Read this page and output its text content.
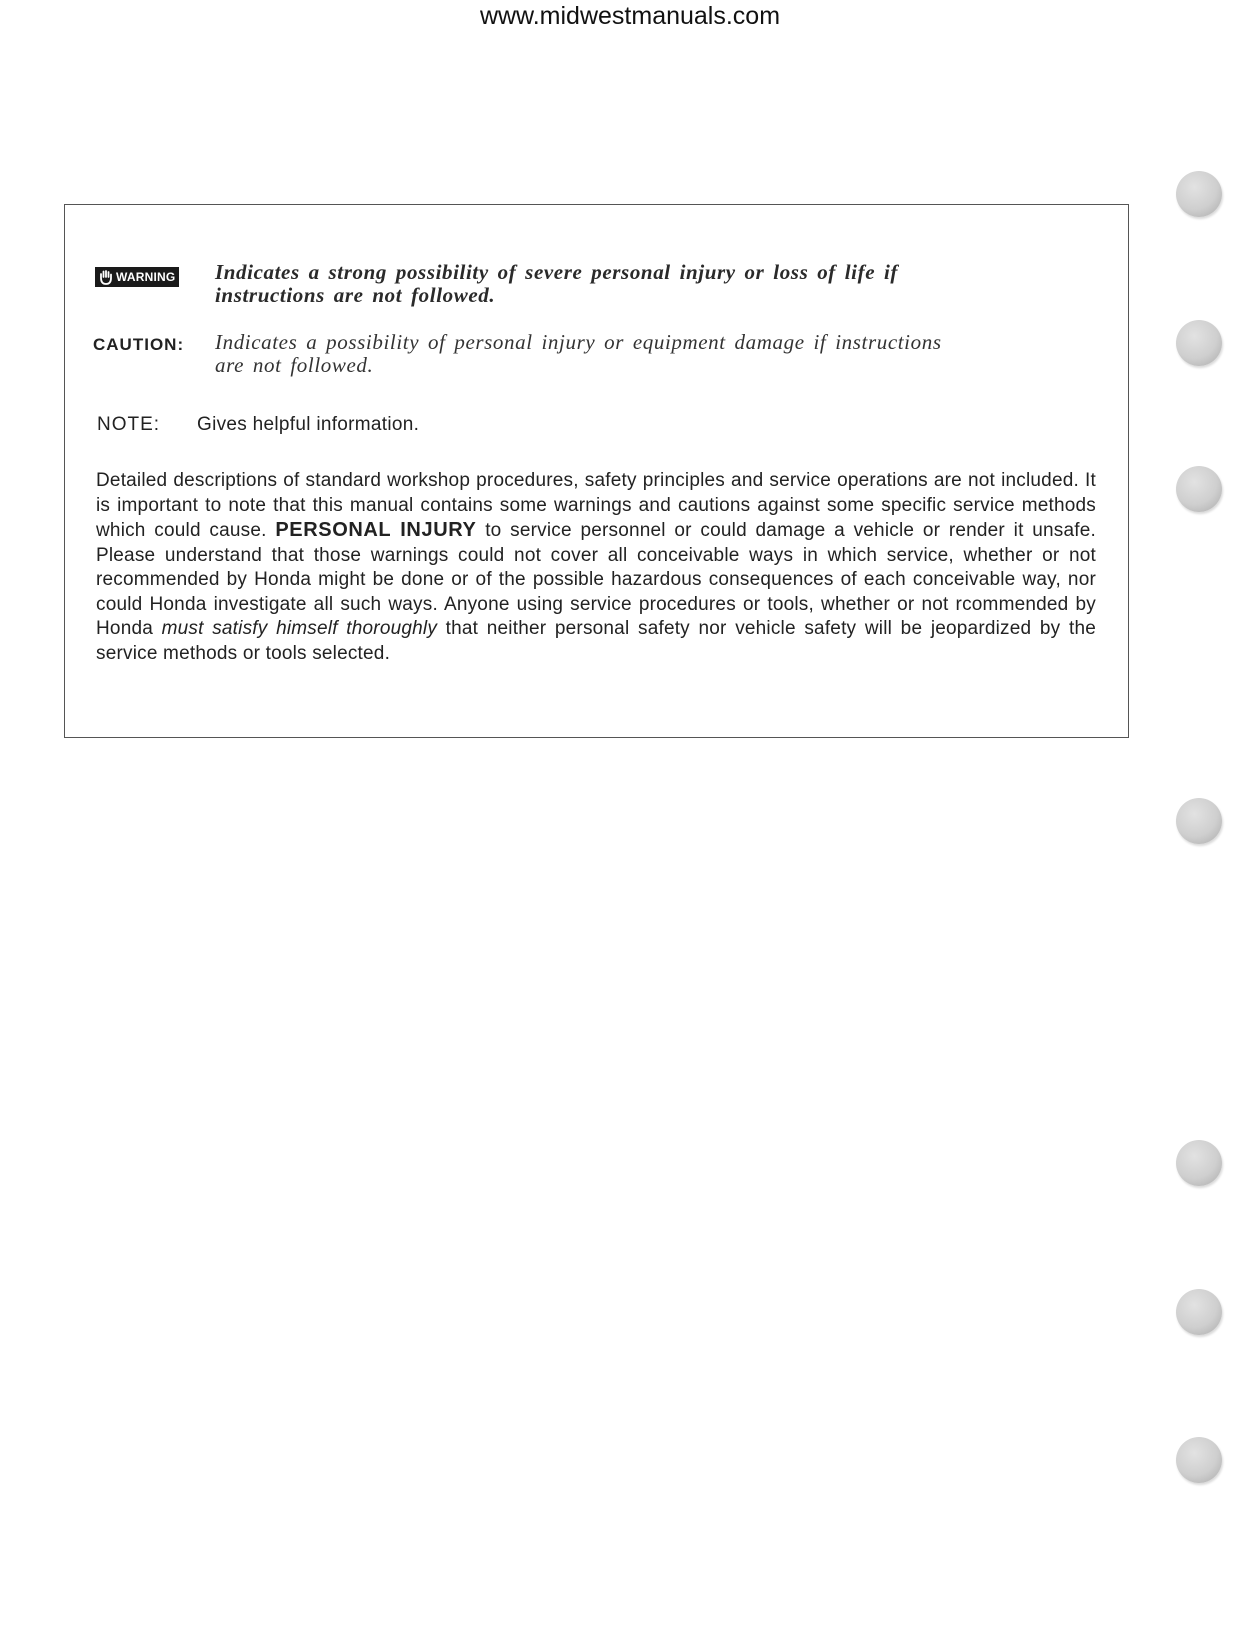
www.midwestmanuals.com
WARNING Indicates a strong possibility of severe personal injury or loss of life if instructions are not followed.
CAUTION: Indicates a possibility of personal injury or equipment damage if instructions are not followed.
NOTE: Gives helpful information.
Detailed descriptions of standard workshop procedures, safety principles and service operations are not included. It is important to note that this manual contains some warnings and cautions against some specific service methods which could cause. PERSONAL INJURY to service personnel or could damage a vehicle or render it unsafe. Please understand that those warnings could not cover all conceivable ways in which service, whether or not recommended by Honda might be done or of the possible hazardous consequences of each conceivable way, nor could Honda investigate all such ways. Anyone using service procedures or tools, whether or not rcommended by Honda must satisfy himself thoroughly that neither personal safety nor vehicle safety will be jeopardized by the service methods or tools selected.
